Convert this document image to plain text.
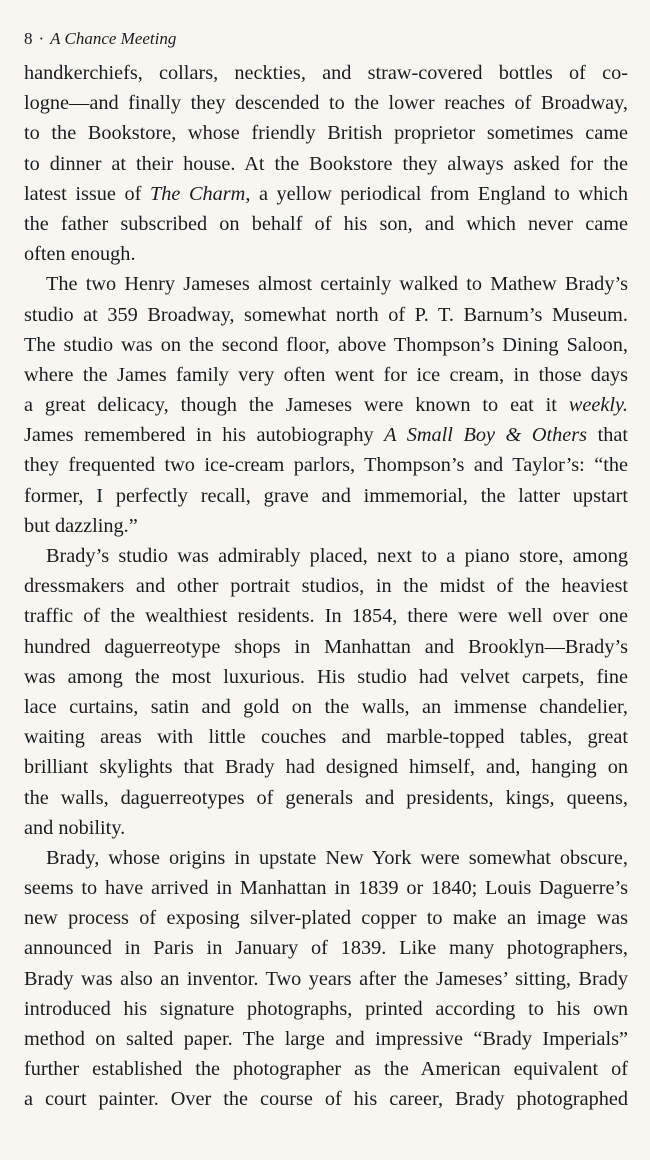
8 · A Chance Meeting
handkerchiefs, collars, neckties, and straw-covered bottles of co-
logne—and finally they descended to the lower reaches of Broadway,
to the Bookstore, whose friendly British proprietor sometimes came
to dinner at their house. At the Bookstore they always asked for the
latest issue of The Charm, a yellow periodical from England to which
the father subscribed on behalf of his son, and which never came
often enough.
The two Henry Jameses almost certainly walked to Mathew Brady’s
studio at 359 Broadway, somewhat north of P. T. Barnum’s Museum.
The studio was on the second floor, above Thompson’s Dining Saloon,
where the James family very often went for ice cream, in those days
a great delicacy, though the Jameses were known to eat it weekly.
James remembered in his autobiography A Small Boy & Others that
they frequented two ice-cream parlors, Thompson’s and Taylor’s: “the
former, I perfectly recall, grave and immemorial, the latter upstart
but dazzling.”
Brady’s studio was admirably placed, next to a piano store, among
dressmakers and other portrait studios, in the midst of the heaviest
traffic of the wealthiest residents. In 1854, there were well over one
hundred daguerreotype shops in Manhattan and Brooklyn—Brady’s
was among the most luxurious. His studio had velvet carpets, fine
lace curtains, satin and gold on the walls, an immense chandelier,
waiting areas with little couches and marble-topped tables, great
brilliant skylights that Brady had designed himself, and, hanging on
the walls, daguerreotypes of generals and presidents, kings, queens,
and nobility.
Brady, whose origins in upstate New York were somewhat obscure,
seems to have arrived in Manhattan in 1839 or 1840; Louis Daguerre’s
new process of exposing silver-plated copper to make an image was
announced in Paris in January of 1839. Like many photographers,
Brady was also an inventor. Two years after the Jameses’ sitting, Brady
introduced his signature photographs, printed according to his own
method on salted paper. The large and impressive “Brady Imperials”
further established the photographer as the American equivalent of
a court painter. Over the course of his career, Brady photographed
